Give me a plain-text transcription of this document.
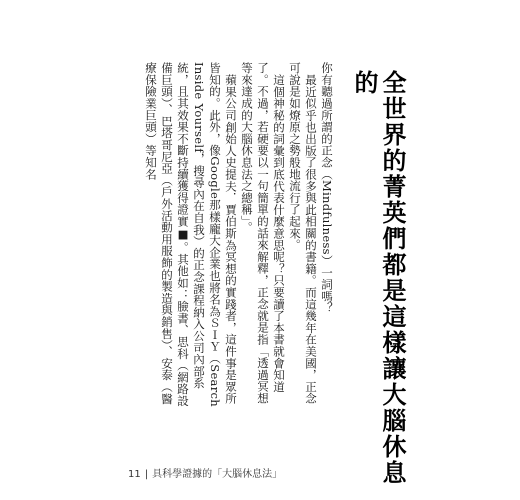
全世界的菁英們都是這樣讓大腦休息的

你有聽過所謂的正念（Mindfulness）一詞嗎？

最近似乎也出版了很多與此相關的書籍。而這幾年在美國，正念可說是如燎原之勢般地流行了起來。

這個神秘的詞彙到底代表什麼意思呢？只要讀了本書就會知道了。不過，若硬要以一句簡單的話來解釋，正念就是指「透過冥想等來達成的大腦休息法之總稱」。

蘋果公司創始人史提夫．賈伯斯為冥想的實踐者，這件事是眾所皆知的。此外，像Google那樣龐大企業也將名為ＳＩＹ（Search Inside Yourself，搜尋內在自我）的正念課程納入公司內部系統，且其效果不斷持續獲得證實■。其他如：臉書、思科（網路設備巨頭）、巴塔哥尼亞（戶外活動用服飾的製造與銷售）、安泰（醫療保險業巨頭）等知名

11 | 具科學證據的「大腦休息法」
